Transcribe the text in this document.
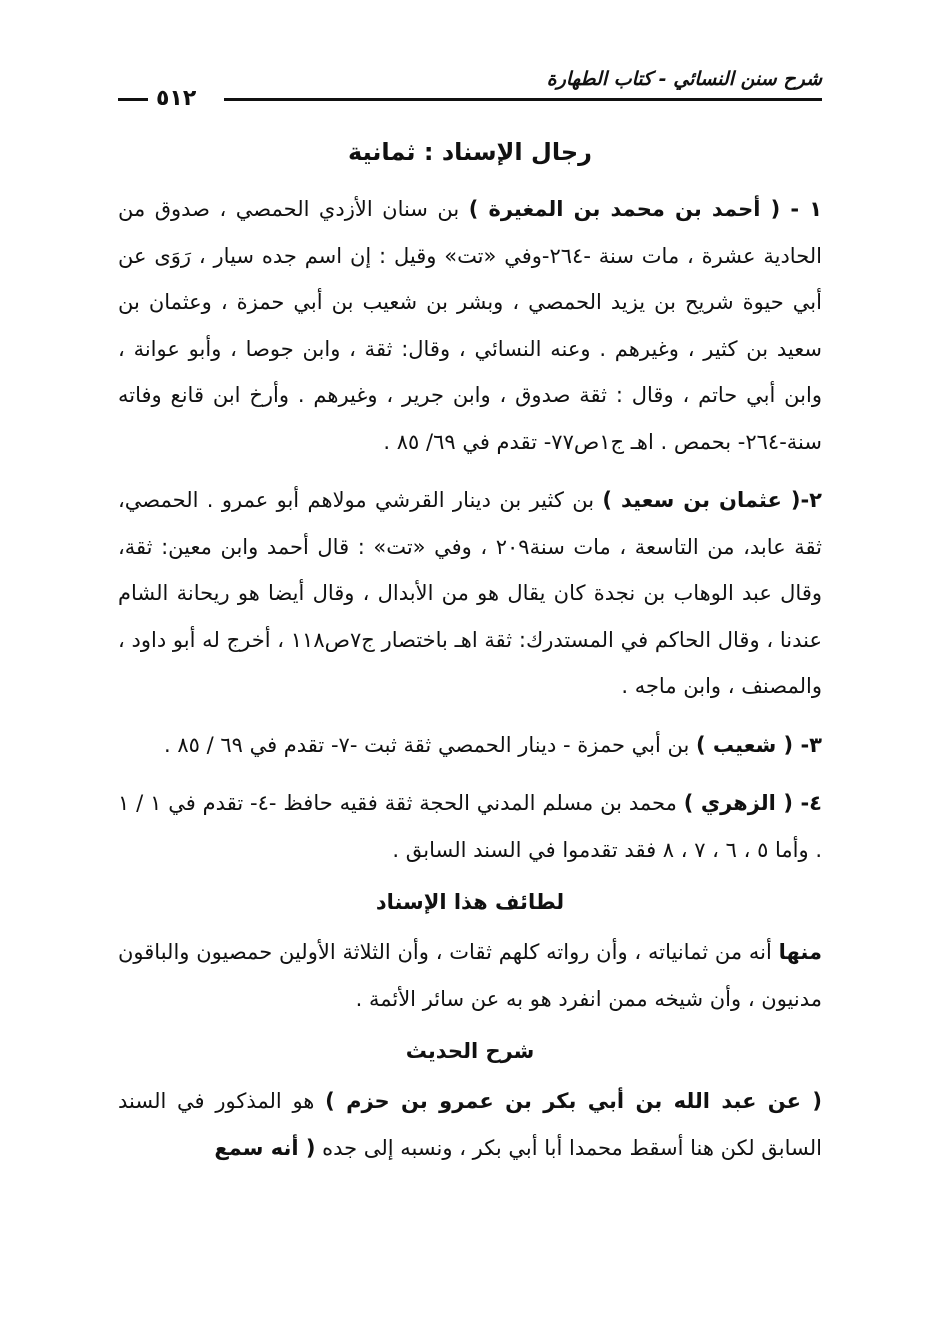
شرح سنن النسائي - كتاب الطهارة
٥١٢
رجال الإسناد : ثمانية

١ - ( أحمد بن محمد بن المغيرة ) بن سنان الأزدي الحمصي ، صدوق من الحادية عشرة ، مات سنة -٢٦٤-وفي «تت» وقيل : إن اسم جده سيار ، رَوَى عن أبي حيوة شريح بن يزيد الحمصي ، وبشر بن شعيب بن أبي حمزة ، وعثمان بن سعيد بن كثير ، وغيرهم . وعنه النسائي ، وقال: ثقة ، وابن جوصا ، وأبو عوانة ، وابن أبي حاتم ، وقال : ثقة صدوق ، وابن جرير ، وغيرهم . وأرخ ابن قانع وفاته سنة-٢٦٤- بحمص . اهـ ج١ص٧٧- تقدم في ٦٩/ ٨٥ .

٢-( عثمان بن سعيد ) بن كثير بن دينار القرشي مولاهم أبو عمرو . الحمصي، ثقة عابد، من التاسعة ، مات سنة٢٠٩ ، وفي «تت» : قال أحمد وابن معين: ثقة، وقال عبد الوهاب بن نجدة كان يقال هو من الأبدال ، وقال أيضا هو ريحانة الشام عندنا ، وقال الحاكم في المستدرك: ثقة اهـ باختصار ج٧ص١١٨ ، أخرج له أبو داود ، والمصنف ، وابن ماجه .

٣- ( شعيب ) بن أبي حمزة - دينار الحمصي ثقة ثبت -٧- تقدم في ٦٩ / ٨٥ .

٤- ( الزهري ) محمد بن مسلم المدني الحجة ثقة فقيه حافظ -٤- تقدم في ١ / ١ . وأما ٥ ، ٦ ، ٧ ، ٨ فقد تقدموا في السند السابق .

لطائف هذا الإسناد

منها أنه من ثمانياته ، وأن رواته كلهم ثقات ، وأن الثلاثة الأولين حمصيون والباقون مدنيون ، وأن شيخه ممن انفرد هو به عن سائر الأئمة .

شرح الحديث

( عن عبد الله بن أبي بكر بن عمرو بن حزم ) هو المذكور في السند السابق لكن هنا أسقط محمدا أبا أبي بكر ، ونسبه إلى جده ( أنه سمع
